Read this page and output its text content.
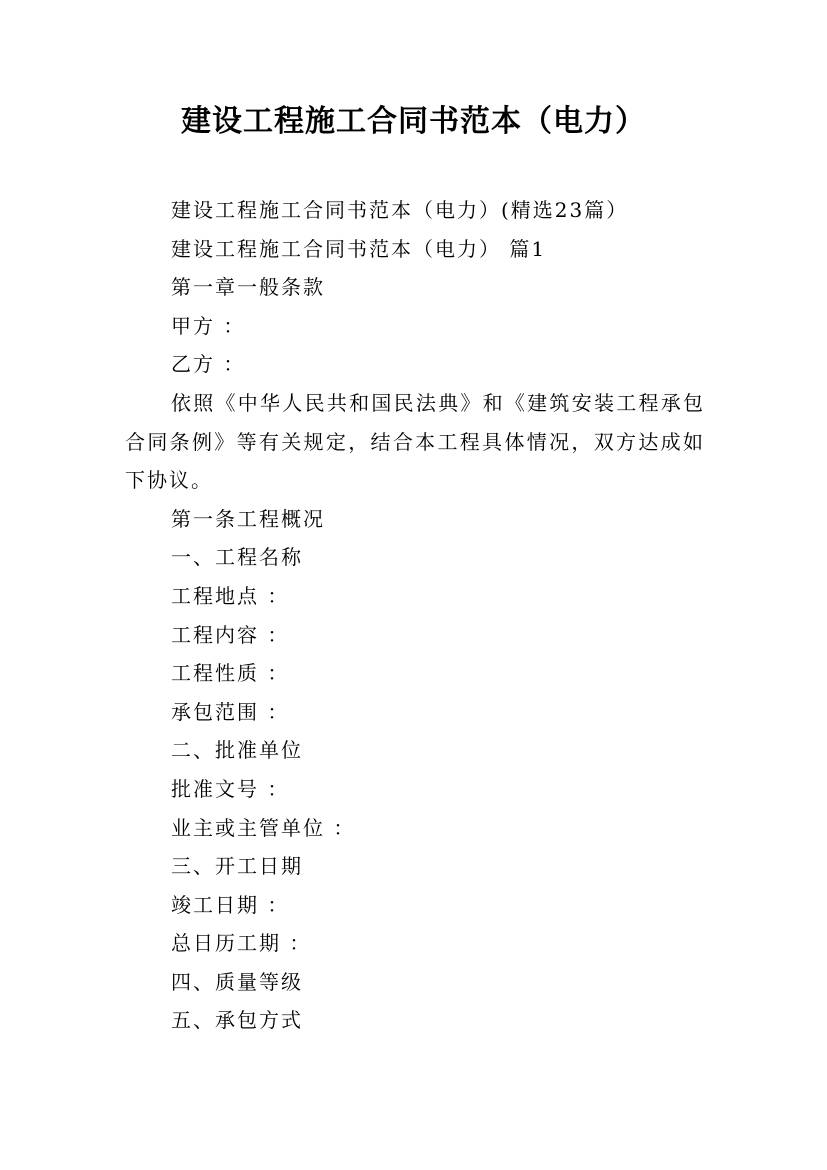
建设工程施工合同书范本（电力）

建设工程施工合同书范本（电力）(精选23篇）

建设工程施工合同书范本（电力） 篇1

第一章一般条款

甲方 ：

乙方 ：

依照《中华人民共和国民法典》和《建筑安装工程承包合同条例》等有关规定，结合本工程具体情况，双方达成如下协议。

第一条工程概况

一、工程名称

工程地点 ：

工程内容 ：

工程性质 ：

承包范围 ：

二、批准单位

批准文号 ：

业主或主管单位 ：

三、开工日期

竣工日期 ：

总日历工期 ：

四、质量等级

五、承包方式
